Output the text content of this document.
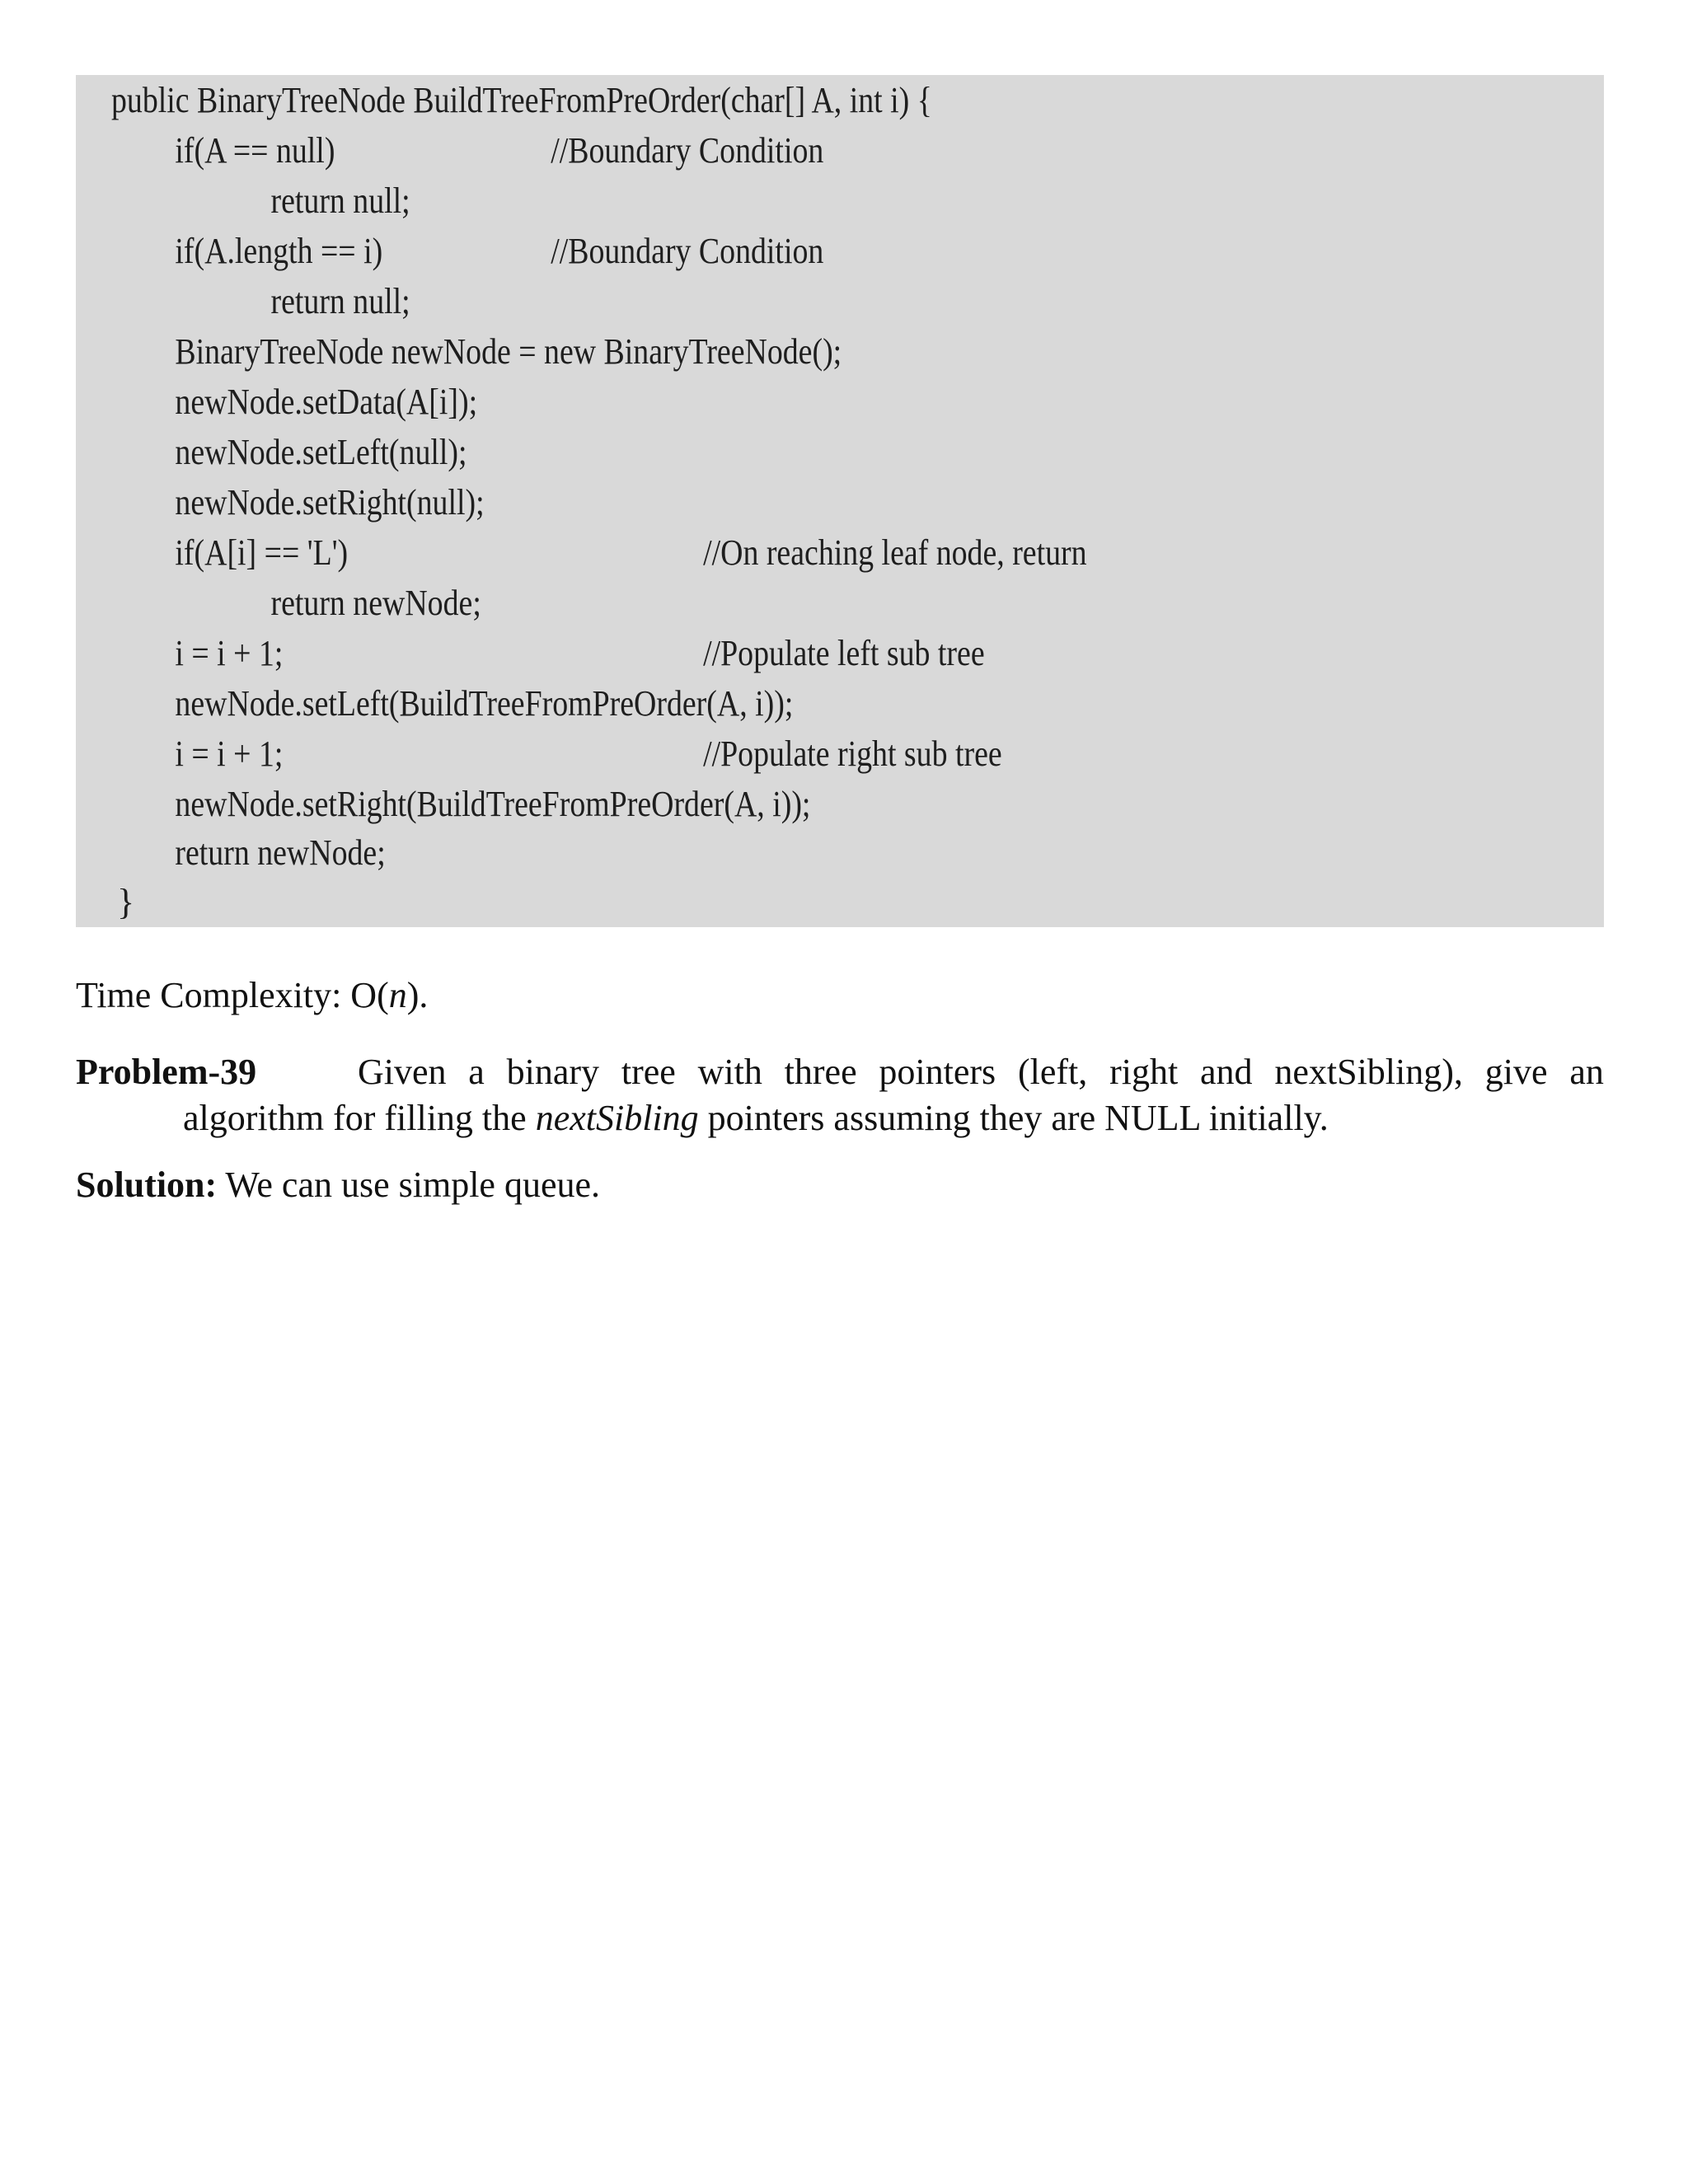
public BinaryTreeNode BuildTreeFromPreOrder(char[] A, int i) {

if(A == null)

	//Boundary Condition

return null;

if(A.length == i)

	//Boundary Condition

return null;

BinaryTreeNode newNode = new BinaryTreeNode();

newNode.setData(A[i]);

newNode.setLeft(null);

newNode.setRight(null);

if(A[i] == 'L')

	//On reaching leaf node, return

return newNode;

i = i + 1;

	//Populate left sub tree

newNode.setLeft(BuildTreeFromPreOrder(A, i));

i = i + 1;

	//Populate right sub tree

newNode.setRight(BuildTreeFromPreOrder(A, i));

return newNode;

}
Time Complexity: O(n).
Problem-39	Given a binary tree with three pointers (left, right and nextSibling), give an
algorithm for filling the nextSibling pointers assuming they are NULL initially.
Solution: We can use simple queue.
